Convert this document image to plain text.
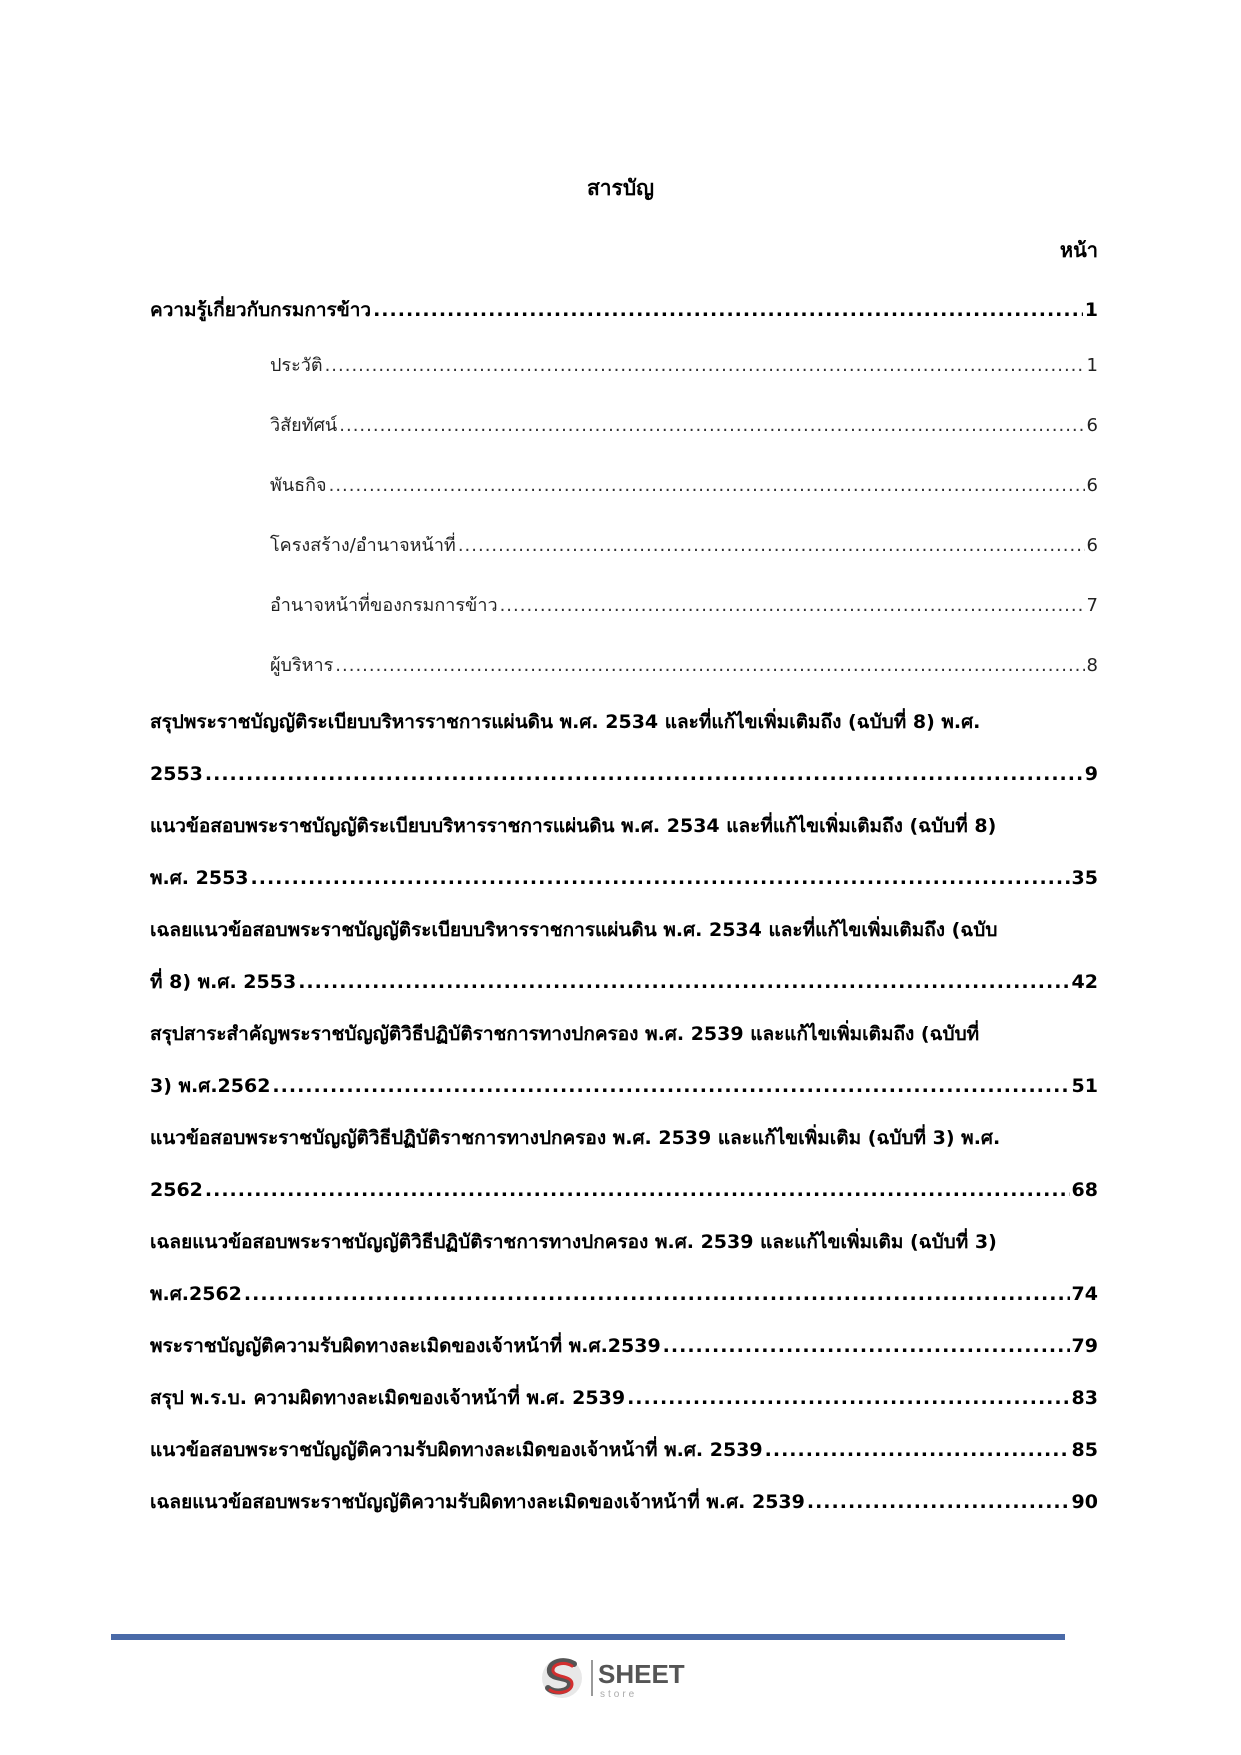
สารบัญ
หน้า
ความรู้เกี่ยวกับกรมการข้าว .....	1
ประวัติ .....	1
วิสัยทัศน์ .....	6
พันธกิจ .....	6
โครงสร้าง/อำนาจหน้าที่ .....	6
อำนาจหน้าที่ของกรมการข้าว .....	7
ผู้บริหาร .....	8
สรุปพระราชบัญญัติระเบียบบริหารราชการแผ่นดิน พ.ศ. 2534 และที่แก้ไขเพิ่มเติมถึง (ฉบับที่ 8) พ.ศ.
2553 .....	9
แนวข้อสอบพระราชบัญญัติระเบียบบริหารราชการแผ่นดิน พ.ศ. 2534 และที่แก้ไขเพิ่มเติมถึง (ฉบับที่ 8)
พ.ศ. 2553 .....	35
เฉลยแนวข้อสอบพระราชบัญญัติระเบียบบริหารราชการแผ่นดิน พ.ศ. 2534 และที่แก้ไขเพิ่มเติมถึง (ฉบับ
ที่ 8) พ.ศ. 2553 .....	42
สรุปสาระสำคัญพระราชบัญญัติวิธีปฏิบัติราชการทางปกครอง พ.ศ. 2539 และแก้ไขเพิ่มเติมถึง (ฉบับที่
3) พ.ศ.2562 .....	51
แนวข้อสอบพระราชบัญญัติวิธีปฏิบัติราชการทางปกครอง พ.ศ. 2539 และแก้ไขเพิ่มเติม (ฉบับที่ 3) พ.ศ.
2562 .....	68
เฉลยแนวข้อสอบพระราชบัญญัติวิธีปฏิบัติราชการทางปกครอง พ.ศ. 2539 และแก้ไขเพิ่มเติม (ฉบับที่ 3)
พ.ศ.2562 .....	74
พระราชบัญญัติความรับผิดทางละเมิดของเจ้าหน้าที่ พ.ศ.2539 .....	79
สรุป พ.ร.บ. ความผิดทางละเมิดของเจ้าหน้าที่ พ.ศ. 2539 .....	83
แนวข้อสอบพระราชบัญญัติความรับผิดทางละเมิดของเจ้าหน้าที่ พ.ศ. 2539 .....	85
เฉลยแนวข้อสอบพระราชบัญญัติความรับผิดทางละเมิดของเจ้าหน้าที่ พ.ศ. 2539 .....	90
SHEET
store
